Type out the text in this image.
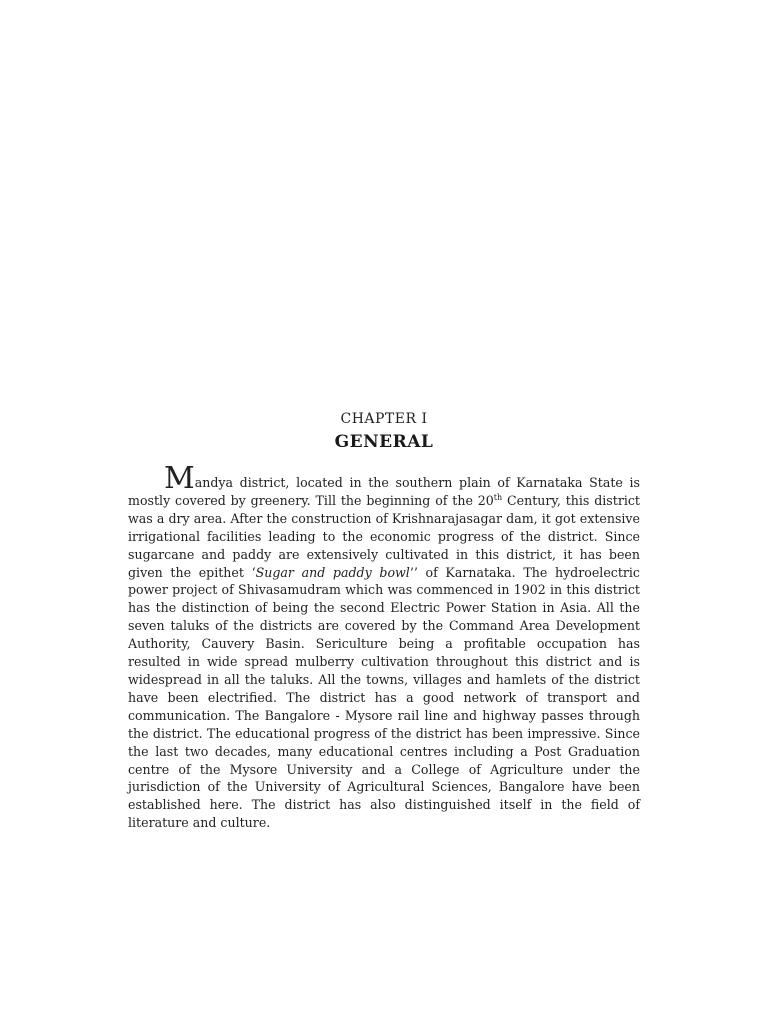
CHAPTER I
GENERAL

Mandya district, located in the southern plain of Karnataka State is mostly covered by greenery. Till the beginning of the 20th Century, this district was a dry area. After the construction of Krishnarajasagar dam, it got extensive irrigational facilities leading to the economic progress of the district. Since sugarcane and paddy are extensively cultivated in this district, it has been given the epithet ‘Sugar and paddy bowl’’ of Karnataka. The hydroelectric power project of Shivasamudram which was commenced in 1902 in this district has the distinction of being the second Electric Power Station in Asia. All the seven taluks of the districts are covered by the Command Area Development Authority, Cauvery Basin. Sericulture being a profitable occupation has resulted in wide spread mulberry cultivation throughout this district and is widespread in all the taluks. All the towns, villages and hamlets of the district have been electrified. The district has a good network of transport and communication. The Bangalore - Mysore rail line and highway passes through the district. The educational progress of the district has been impressive. Since the last two decades, many educational centres including a Post Graduation centre of the Mysore University and a College of Agriculture under the jurisdiction of the University of Agricultural Sciences, Bangalore have been established here. The district has also distinguished itself in the field of literature and culture.
